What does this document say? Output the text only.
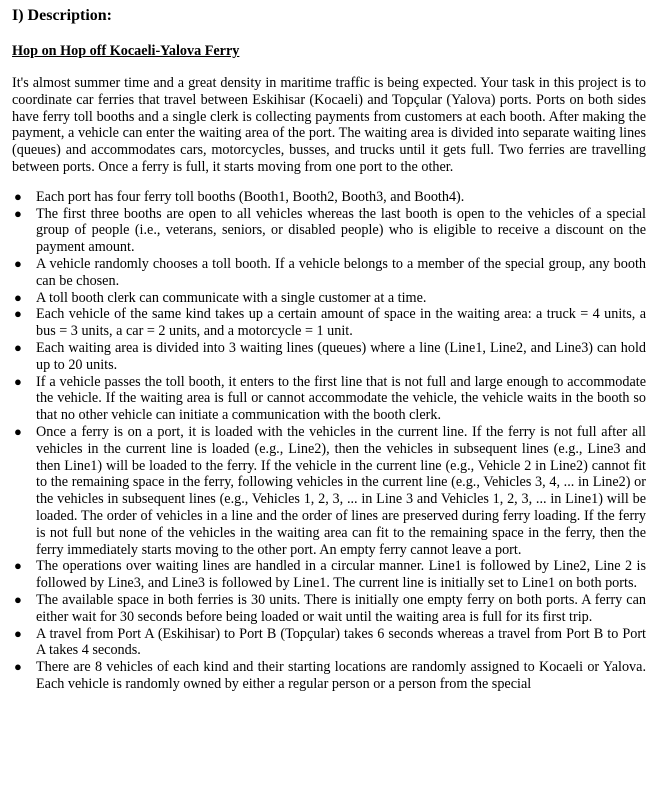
I) Description:
Hop on Hop off Kocaeli-Yalova Ferry

It's almost summer time and a great density in maritime traffic is being expected. Your task in this project is to coordinate car ferries that travel between Eskihisar (Kocaeli) and Topçular (Yalova) ports. Ports on both sides have ferry toll booths and a single clerk is collecting payments from customers at each booth. After making the payment, a vehicle can enter the waiting area of the port. The waiting area is divided into separate waiting lines (queues) and accommodates cars, motorcycles, busses, and trucks until it gets full. Two ferries are travelling between ports. Once a ferry is full, it starts moving from one port to the other.

● Each port has four ferry toll booths (Booth1, Booth2, Booth3, and Booth4).
● The first three booths are open to all vehicles whereas the last booth is open to the vehicles of a special group of people (i.e., veterans, seniors, or disabled people) who is eligible to receive a discount on the payment amount.
● A vehicle randomly chooses a toll booth. If a vehicle belongs to a member of the special group, any booth can be chosen.
● A toll booth clerk can communicate with a single customer at a time.
● Each vehicle of the same kind takes up a certain amount of space in the waiting area: a truck = 4 units, a bus = 3 units, a car = 2 units, and a motorcycle = 1 unit.
● Each waiting area is divided into 3 waiting lines (queues) where a line (Line1, Line2, and Line3) can hold up to 20 units.
● If a vehicle passes the toll booth, it enters to the first line that is not full and large enough to accommodate the vehicle. If the waiting area is full or cannot accommodate the vehicle, the vehicle waits in the booth so that no other vehicle can initiate a communication with the booth clerk.
● Once a ferry is on a port, it is loaded with the vehicles in the current line. If the ferry is not full after all vehicles in the current line is loaded (e.g., Line2), then the vehicles in subsequent lines (e.g., Line3 and then Line1) will be loaded to the ferry. If the vehicle in the current line (e.g., Vehicle 2 in Line2) cannot fit to the remaining space in the ferry, following vehicles in the current line (e.g., Vehicles 3, 4, ... in Line2) or the vehicles in subsequent lines (e.g., Vehicles 1, 2, 3, ... in Line 3 and Vehicles 1, 2, 3, ... in Line1) will be loaded. The order of vehicles in a line and the order of lines are preserved during ferry loading. If the ferry is not full but none of the vehicles in the waiting area can fit to the remaining space in the ferry, then the ferry immediately starts moving to the other port. An empty ferry cannot leave a port.
● The operations over waiting lines are handled in a circular manner. Line1 is followed by Line2, Line 2 is followed by Line3, and Line3 is followed by Line1. The current line is initially set to Line1 on both ports.
● The available space in both ferries is 30 units. There is initially one empty ferry on both ports. A ferry can either wait for 30 seconds before being loaded or wait until the waiting area is full for its first trip.
● A travel from Port A (Eskihisar) to Port B (Topçular) takes 6 seconds whereas a travel from Port B to Port A takes 4 seconds.
● There are 8 vehicles of each kind and their starting locations are randomly assigned to Kocaeli or Yalova. Each vehicle is randomly owned by either a regular person or a person from the special
